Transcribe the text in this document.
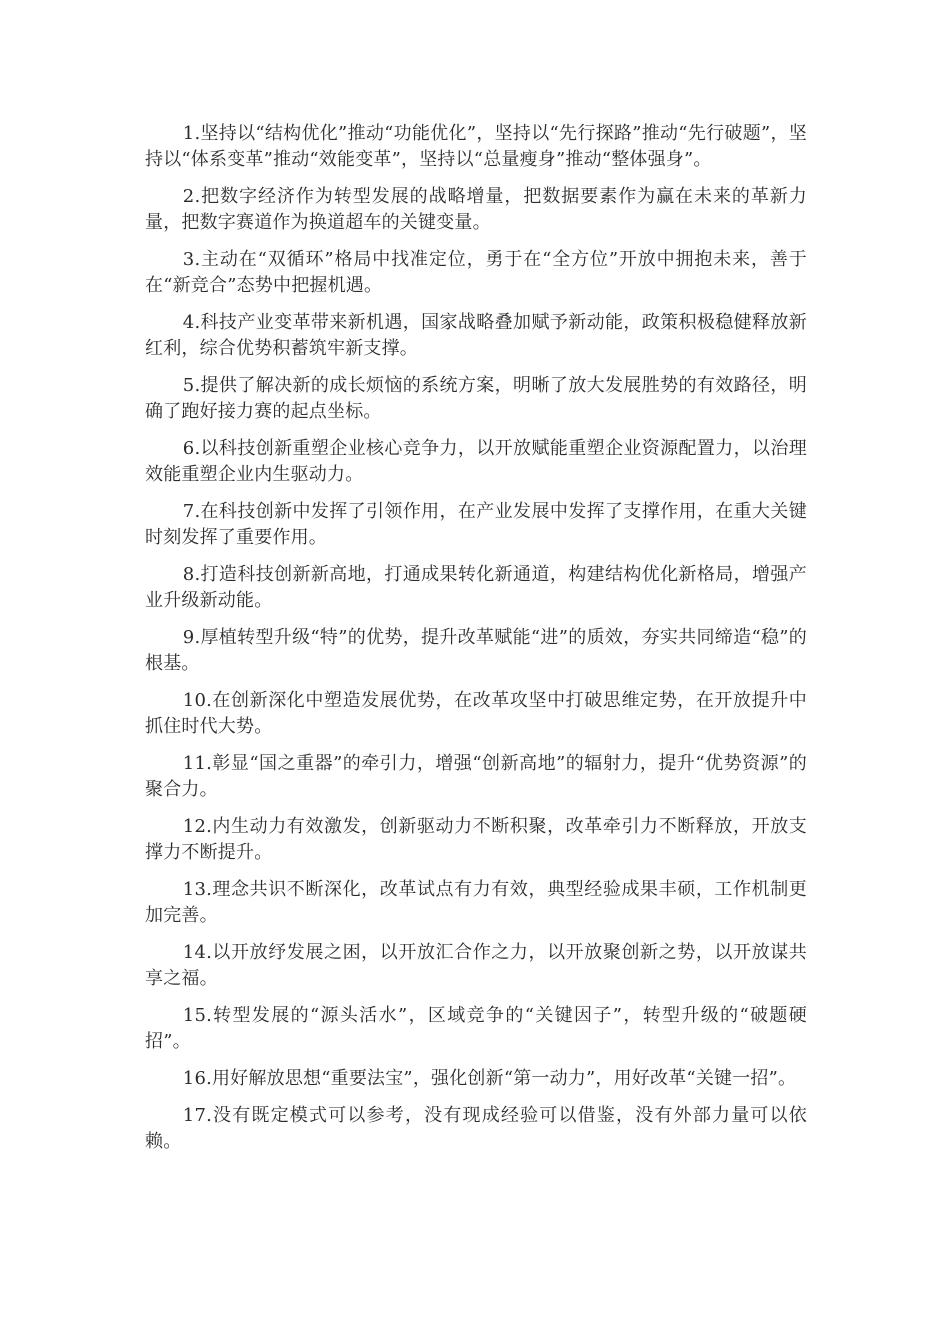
1.坚持以“结构优化”推动“功能优化”，坚持以“先行探路”推动“先行破题”，坚持以“体系变革”推动“效能变革”，坚持以“总量瘦身”推动“整体强身”。

2.把数字经济作为转型发展的战略增量，把数据要素作为赢在未来的革新力量，把数字赛道作为换道超车的关键变量。

3.主动在“双循环”格局中找准定位，勇于在“全方位”开放中拥抱未来，善于在“新竞合”态势中把握机遇。

4.科技产业变革带来新机遇，国家战略叠加赋予新动能，政策积极稳健释放新红利，综合优势积蓄筑牢新支撑。

5.提供了解决新的成长烦恼的系统方案，明晰了放大发展胜势的有效路径，明确了跑好接力赛的起点坐标。

6.以科技创新重塑企业核心竞争力，以开放赋能重塑企业资源配置力，以治理效能重塑企业内生驱动力。

7.在科技创新中发挥了引领作用，在产业发展中发挥了支撑作用，在重大关键时刻发挥了重要作用。

8.打造科技创新新高地，打通成果转化新通道，构建结构优化新格局，增强产业升级新动能。

9.厚植转型升级“特”的优势，提升改革赋能“进”的质效，夯实共同缔造“稳”的根基。

10.在创新深化中塑造发展优势，在改革攻坚中打破思维定势，在开放提升中抓住时代大势。

11.彰显“国之重器”的牵引力，增强“创新高地”的辐射力，提升“优势资源”的聚合力。

12.内生动力有效激发，创新驱动力不断积聚，改革牵引力不断释放，开放支撑力不断提升。

13.理念共识不断深化，改革试点有力有效，典型经验成果丰硕，工作机制更加完善。

14.以开放纾发展之困，以开放汇合作之力，以开放聚创新之势，以开放谋共享之福。

15.转型发展的“源头活水”，区域竞争的“关键因子”，转型升级的“破题硬招”。

16.用好解放思想“重要法宝”，强化创新“第一动力”，用好改革“关键一招”。

17.没有既定模式可以参考，没有现成经验可以借鉴，没有外部力量可以依赖。
